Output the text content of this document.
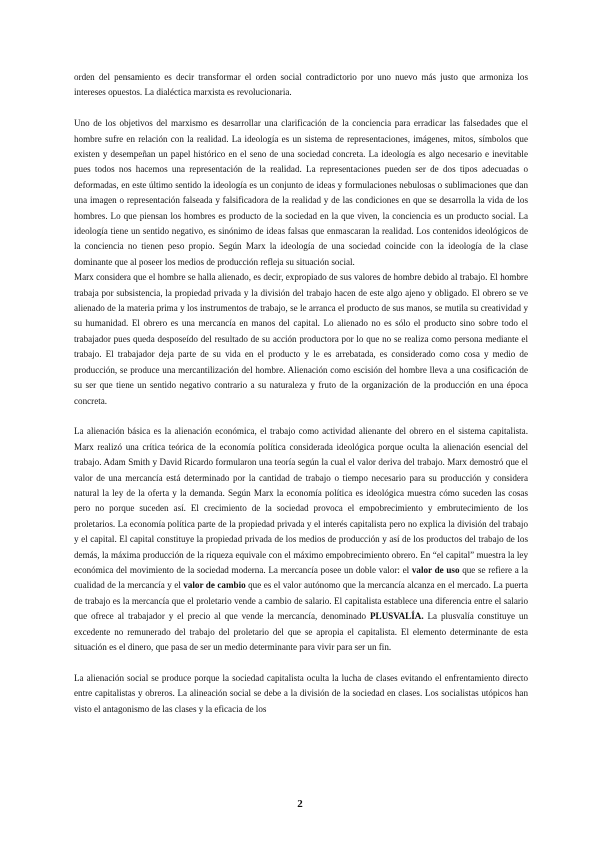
orden del pensamiento es decir transformar el orden social contradictorio por uno nuevo más justo que armoniza los intereses opuestos. La dialéctica marxista es revolucionaria.

Uno de los objetivos del marxismo es desarrollar una clarificación de la conciencia para erradicar las falsedades que el hombre sufre en relación con la realidad. La ideología es un sistema de representaciones, imágenes, mitos, símbolos que existen y desempeñan un papel histórico en el seno de una sociedad concreta. La ideología es algo necesario e inevitable pues todos nos hacemos una representación de la realidad. La representaciones pueden ser de dos tipos adecuadas o deformadas, en este último sentido la ideología es un conjunto de ideas y formulaciones nebulosas o sublimaciones que dan una imagen o representación falseada y falsificadora de la realidad y de las condiciones en que se desarrolla la vida de los hombres. Lo que piensan los hombres es producto de la sociedad en la que viven, la conciencia es un producto social. La ideología tiene un sentido negativo, es sinónimo de ideas falsas que enmascaran la realidad. Los contenidos ideológicos de la conciencia no tienen peso propio. Según Marx la ideología de una sociedad coincide con la ideología de la clase dominante que al poseer los medios de producción refleja su situación social.

Marx considera que el hombre se halla alienado, es decir, expropiado de sus valores de hombre debido al trabajo. El hombre trabaja por subsistencia, la propiedad privada y la división del trabajo hacen de este algo ajeno y obligado. El obrero se ve alienado de la materia prima y los instrumentos de trabajo, se le arranca el producto de sus manos, se mutila su creatividad y su humanidad. El obrero es una mercancía en manos del capital. Lo alienado no es sólo el producto sino sobre todo el trabajador pues queda desposeído del resultado de su acción productora por lo que no se realiza como persona mediante el trabajo. El trabajador deja parte de su vida en el producto y le es arrebatada, es considerado como cosa y medio de producción, se produce una mercantilización del hombre. Alienación como escisión del hombre lleva a una cosificación de su ser que tiene un sentido negativo contrario a su naturaleza y fruto de la organización de la producción en una época concreta.

La alienación básica es la alienación económica, el trabajo como actividad alienante del obrero en el sistema capitalista. Marx realizó una crítica teórica de la economía política considerada ideológica porque oculta la alienación esencial del trabajo. Adam Smith y David Ricardo formularon una teoría según la cual el valor deriva del trabajo. Marx demostró que el valor de una mercancía está determinado por la cantidad de trabajo o tiempo necesario para su producción y considera natural la ley de la oferta y la demanda. Según Marx la economía política es ideológica muestra cómo suceden las cosas pero no porque suceden así. El crecimiento de la sociedad provoca el empobrecimiento y embrutecimiento de los proletarios. La economía política parte de la propiedad privada y el interés capitalista pero no explica la división del trabajo y el capital. El capital constituye la propiedad privada de los medios de producción y así de los productos del trabajo de los demás, la máxima producción de la riqueza equivale con el máximo empobrecimiento obrero. En “el capital” muestra la ley económica del movimiento de la sociedad moderna. La mercancía posee un doble valor: el valor de uso que se refiere a la cualidad de la mercancía y el valor de cambio que es el valor autónomo que la mercancía alcanza en el mercado. La puerta de trabajo es la mercancía que el proletario vende a cambio de salario. El capitalista establece una diferencia entre el salario que ofrece al trabajador y el precio al que vende la mercancía, denominado PLUSVALÍA. La plusvalía constituye un excedente no remunerado del trabajo del proletario del que se apropia el capitalista. El elemento determinante de esta situación es el dinero, que pasa de ser un medio determinante para vivir para ser un fin.

La alienación social se produce porque la sociedad capitalista oculta la lucha de clases evitando el enfrentamiento directo entre capitalistas y obreros. La alineación social se debe a la división de la sociedad en clases. Los socialistas utópicos han visto el antagonismo de las clases y la eficacia de los

2
